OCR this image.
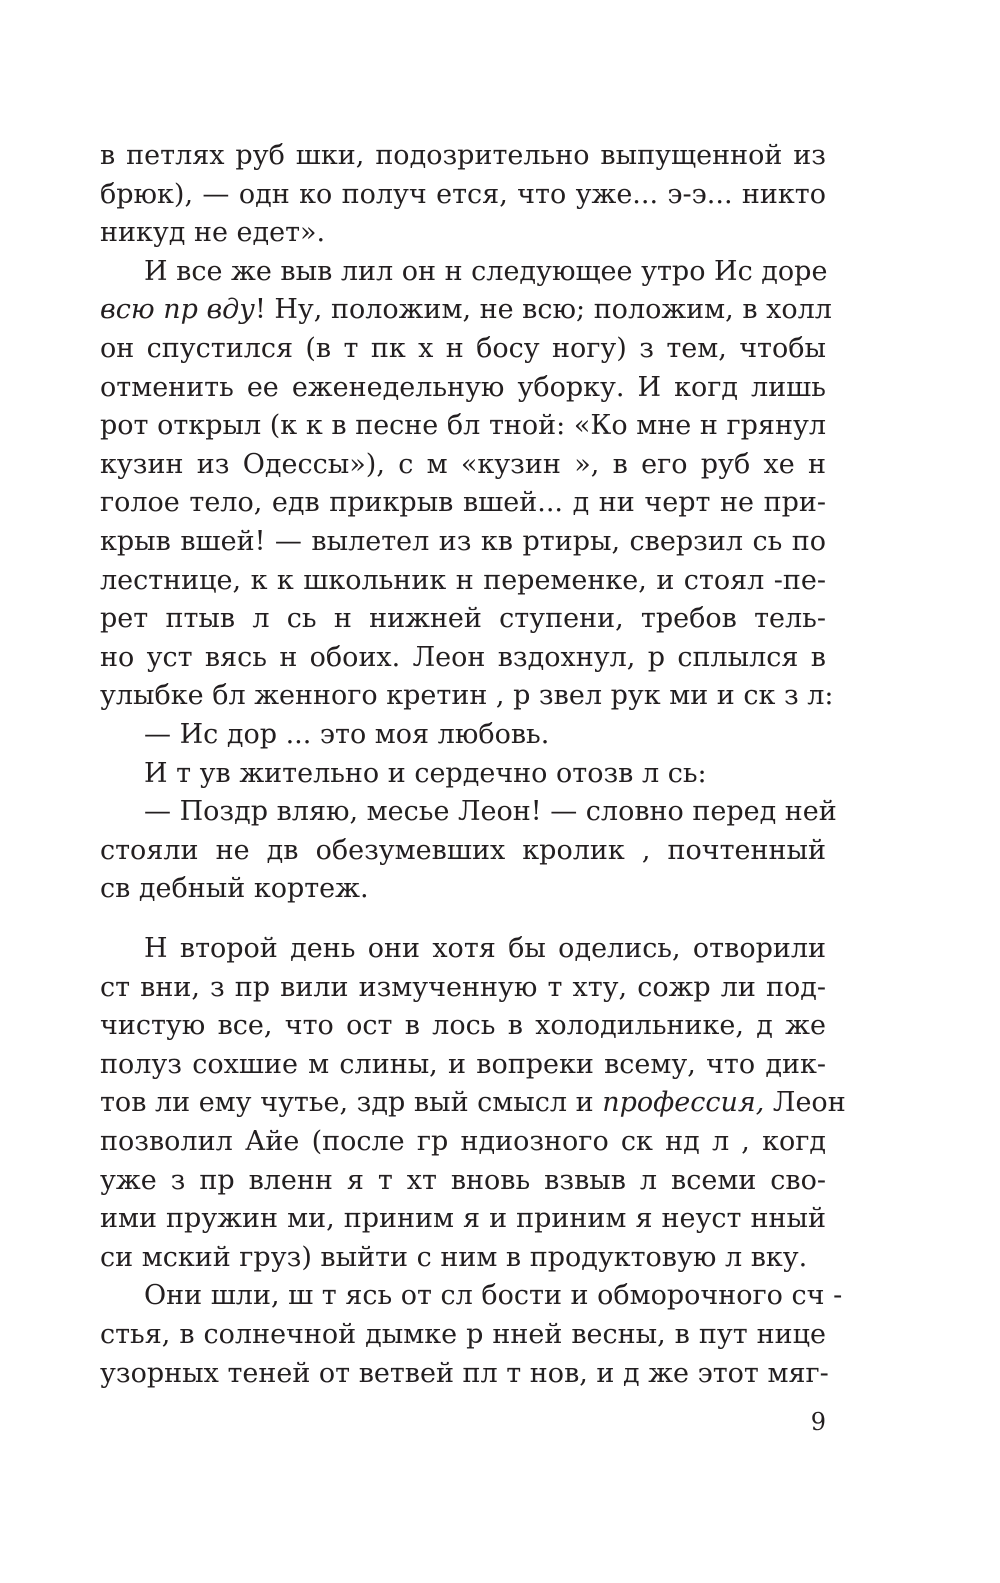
в петлях руб шки, подозрительно выпущенной из
брюк), — одн ко получ ется, что уже... э-э... никто
никуд не едет».
И все же выв лил он н следующее утро Ис доре
всю пр вду! Ну, положим, не всю; положим, в холл
он спустился (в т пк х н босу ногу) з тем, чтобы
отменить ее еженедельную уборку. И когд лишь
рот открыл (к к в песне бл тной: «Ко мне н грянул
кузин из Одессы»), с м «кузин », в его руб хе н
голое тело, едв прикрыв вшей... д ни черт не при-
крыв вшей! — вылетел из кв ртиры, сверзил сь по
лестнице, к к школьник н переменке, и стоял -пе-
рет птыв л сь н нижней ступени, требов тель-
но уст вясь н обоих. Леон вздохнул, р сплылся в
улыбке бл женного кретин , р звел рук ми и ск з л:
— Ис дор ... это моя любовь.
И т ув жительно и сердечно отозв л сь:
— Поздр вляю, месье Леон! — словно перед ней
стояли не дв обезумевших кролик , почтенный
св дебный кортеж.
Н второй день они хотя бы оделись, отворили
ст вни, з пр вили измученную т хту, сожр ли под-
чистую все, что ост в лось в холодильнике, д же
полуз сохшие м слины, и вопреки всему, что дик-
тов ли ему чутье, здр вый смысл и профессия, Леон
позволил Айе (после гр ндиозного ск нд л , когд
уже з пр вленн я т хт вновь взвыв л всеми сво-
ими пружин ми, приним я и приним я неуст нный
си мский груз) выйти с ним в продуктовую л вку.
Они шли, ш т ясь от сл бости и обморочного сч -
стья, в солнечной дымке р нней весны, в пут нице
узорных теней от ветвей пл т нов, и д же этот мяг-
9
